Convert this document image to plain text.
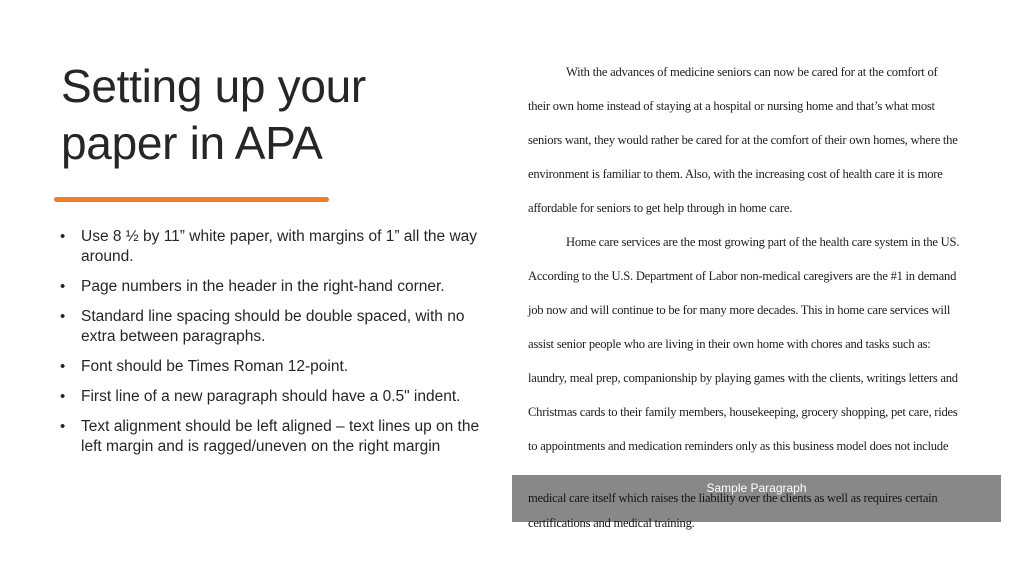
Setting up your paper in APA
•	Use 8 ½ by 11” white paper, with margins of 1” all the way around.
•	Page numbers in the header in the right-hand corner.
•	Standard line spacing should be double spaced, with no extra between paragraphs.
•	Font should be Times Roman 12-point.
•	First line of a new paragraph should have a 0.5" indent.
•	Text alignment should be left aligned – text lines up on the left margin and is ragged/uneven on the right margin
With the advances of medicine seniors can now be cared for at the comfort of
their own home instead of staying at a hospital or nursing home and that’s what most
seniors want, they would rather be cared for at the comfort of their own homes, where the
environment is familiar to them. Also, with the increasing cost of health care it is more
affordable for seniors to get help through in home care.
Home care services are the most growing part of the health care system in the US.
According to the U.S. Department of Labor non-medical caregivers are the #1 in demand
job now and will continue to be for many more decades. This in home care services will
assist senior people who are living in their own home with chores and tasks such as:
laundry, meal prep, companionship by playing games with the clients, writings letters and
Christmas cards to their family members, housekeeping, grocery shopping, pet care, rides
to appointments and medication reminders only as this business model does not include
medical care itself which raises the liability over the clients as well as requires certain
certifications and medical training.
Sample Paragraph
